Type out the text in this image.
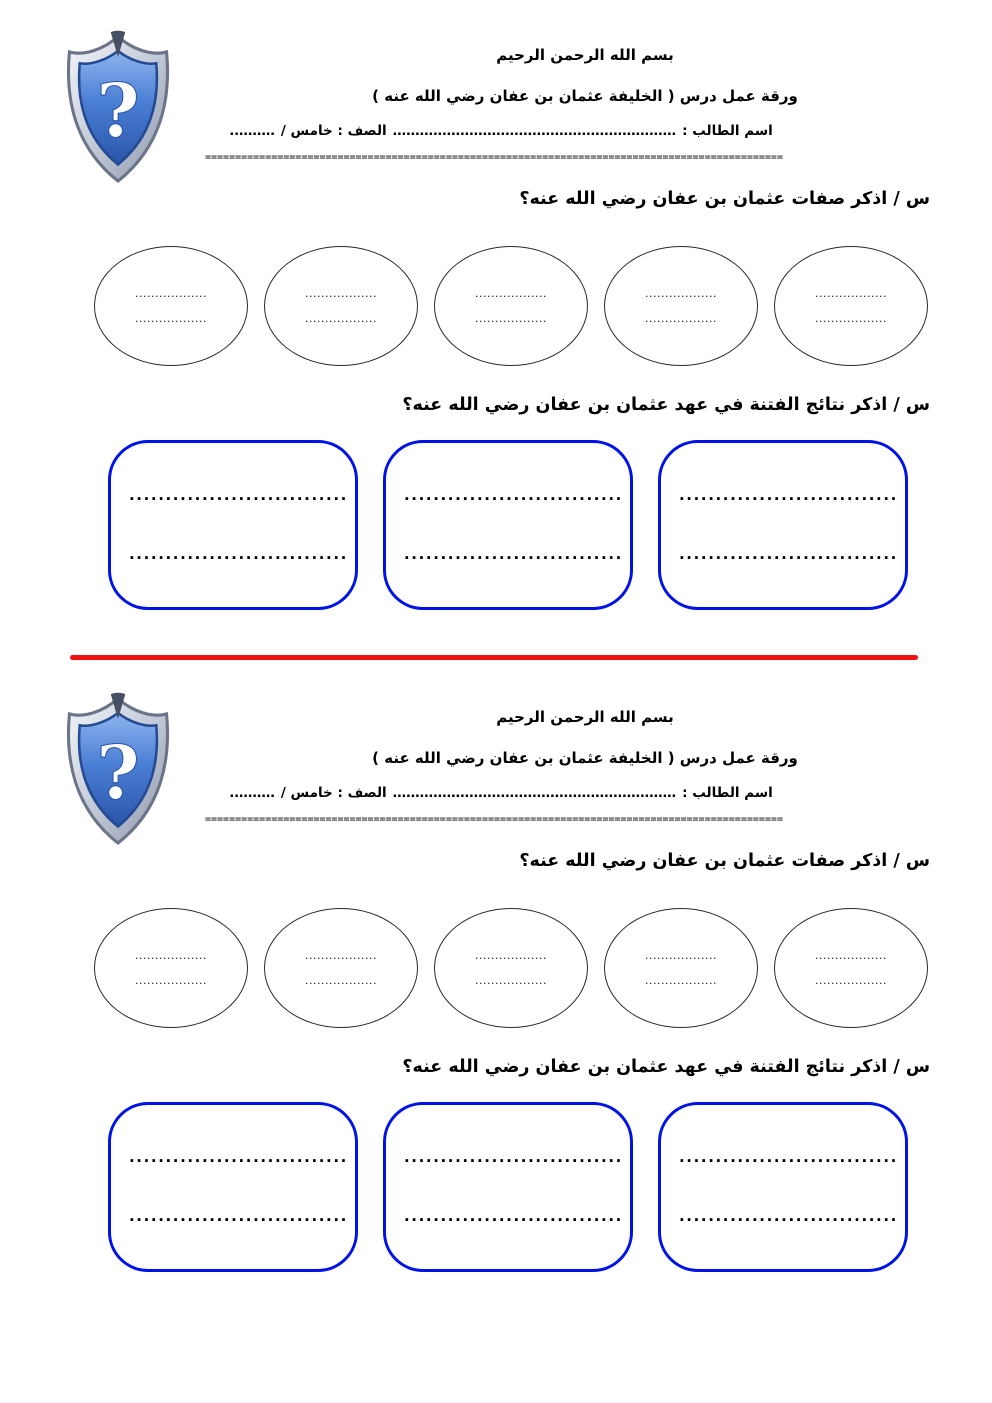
?
بسم الله الرحمن الرحيم
ورقة عمل درس ( الخليفة عثمان بن عفان رضي الله عنه )
اسم الطالب :………………………………………………………الصف : خامس /……….
================================================================================================
س / اذكر صفات عثمان بن عفان رضي الله عنه؟
..................
..................
..................
..................
..................
..................
..................
..................
..................
..................
س / اذكر نتائج الفتنة في عهد عثمان بن عفان رضي الله عنه؟
..............................
..............................
..............................
..............................
..............................
..............................
?
بسم الله الرحمن الرحيم
ورقة عمل درس ( الخليفة عثمان بن عفان رضي الله عنه )
اسم الطالب :………………………………………………………الصف : خامس /……….
================================================================================================
س / اذكر صفات عثمان بن عفان رضي الله عنه؟
..................
..................
..................
..................
..................
..................
..................
..................
..................
..................
س / اذكر نتائج الفتنة في عهد عثمان بن عفان رضي الله عنه؟
..............................
..............................
..............................
..............................
..............................
..............................
